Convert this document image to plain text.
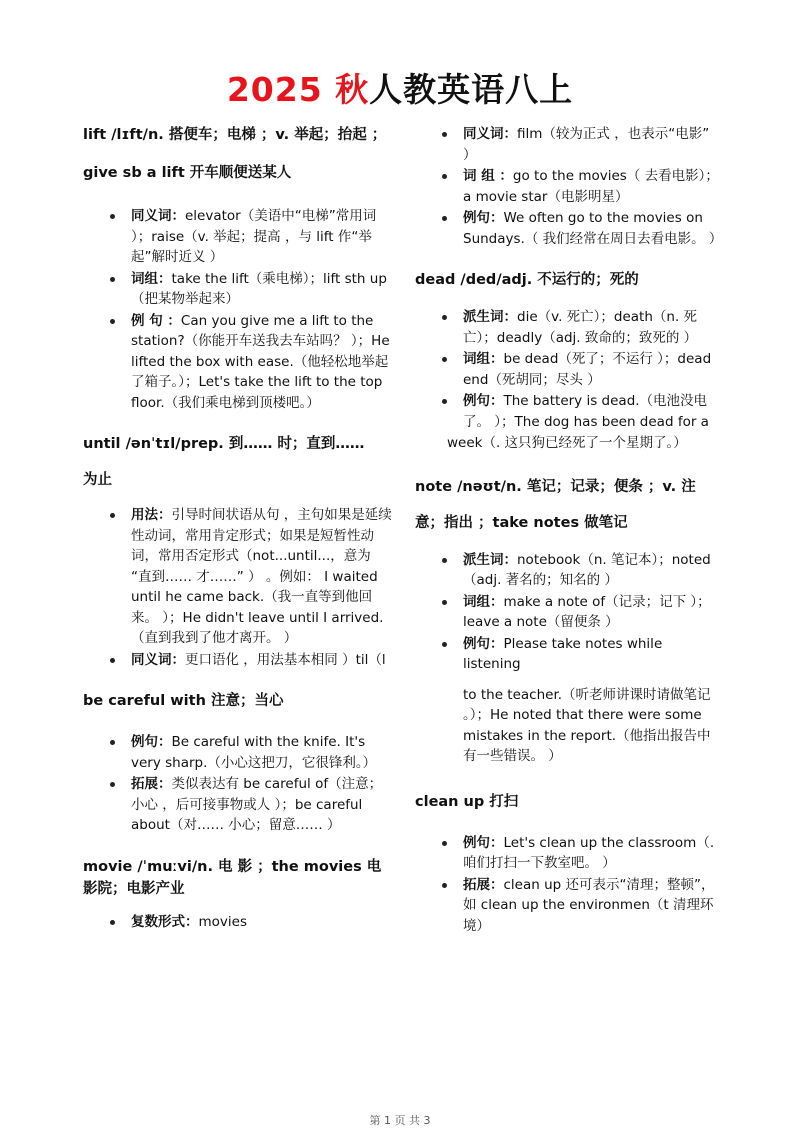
2025 秋人教英语八上
lift /lɪft/n. 搭便车；电梯 ；v. 举起；抬起 ；
give sb a lift 开车顺便送某人
同义词：elevator（美语中“电梯”常用词 ）；raise（v. 举起；提高 ，与 lift 作“举起”解时近义 ）
词组：take the lift（乘电梯）；lift sth up（把某物举起来）
例 句 ：Can you give me a lift to the station?（你能开车送我去车站吗？ ）；He lifted the box with ease.（他轻松地举起了箱子。）；Let's take the lift to the top floor.（我们乘电梯到顶楼吧。）
until /ənˈtɪl/prep. 到…… 时；直到……
为止
用法：引导时间状语从句 ，主句如果是延续性动词，常用肯定形式；如果是短暂性动词，常用否定形式（not...until...，意为 “直到…… 才……” ） 。例如： I waited until he came back.（我一直等到他回来。 ）；He didn't leave until I arrived.（直到我到了他才离开。 ）
同义词：更口语化 ，用法基本相同 ）til（l
be careful with 注意；当心
例句：Be careful with the knife. It's very sharp.（小心这把刀，它很锋利。）
拓展：类似表达有 be careful of（注意； 小心 ，后可接事物或人 ）；be careful about（对…… 小心；留意…… ）
movie /ˈmuːvi/n. 电 影 ；the movies 电影院；电影产业
复数形式：movies
同义词：film（较为正式 ，也表示“电影” ）
词 组 ：go to the movies（ 去看电影）； a movie star（电影明星）
例句：We often go to the movies on Sundays.（ 我们经常在周日去看电影。 ）
dead /ded/adj. 不运行的；死的
派生词：die（v. 死亡）；death（n. 死亡）；deadly（adj. 致命的；致死的 ）
词组：be dead（死了；不运行 ）；dead end（死胡同；尽头 ）
例句：The battery is dead.（电池没电了。 ）；The dog has been dead for a
week（. 这只狗已经死了一个星期了。）
note /nəʊt/n. 笔记；记录；便条 ；v. 注
意；指出 ；take notes 做笔记
派生词：notebook（n. 笔记本）；noted（adj. 著名的；知名的 ）
词组：make a note of（记录；记下 ）；leave a note（留便条 ）
例句：Please take notes while listening
to the teacher.（听老师讲课时请做笔记 。）；He noted that there were some mistakes in the report.（他指出报告中有一些错误。 ）
clean up 打扫
例句：Let's clean up the classroom（. 咱们打扫一下教室吧。 ）
拓展：clean up 还可表示“清理；整顿”，如 clean up the environmen（t 清理环境）
第 1 页 共 3
